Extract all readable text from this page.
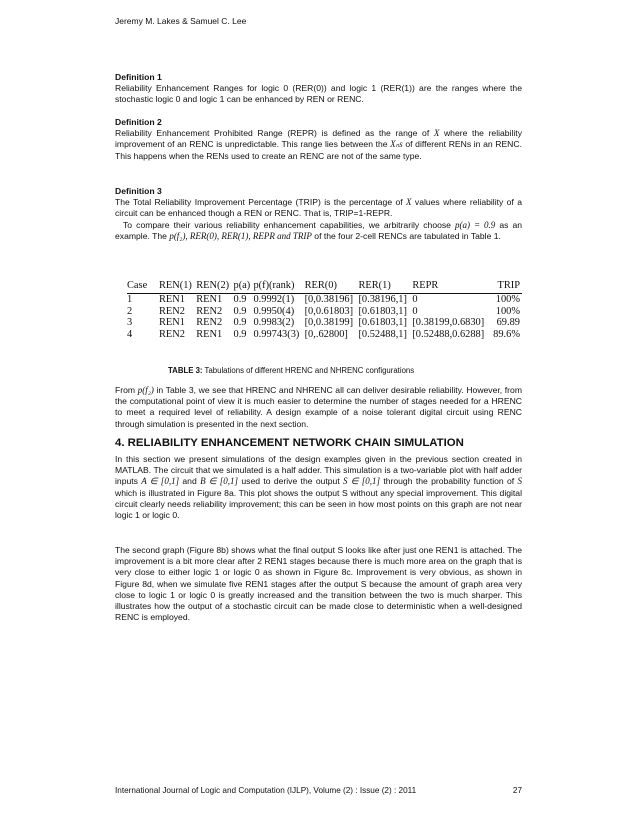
Jeremy M. Lakes & Samuel C. Lee
Definition 1
Reliability Enhancement Ranges for logic 0 (RER(0)) and logic 1 (RER(1)) are the ranges where the stochastic logic 0 and logic 1 can be enhanced by REN or RENC.
Definition 2
Reliability Enhancement Prohibited Range (REPR) is defined as the range of X where the reliability improvement of an RENC is unpredictable. This range lies between the Xₙs of different RENs in an RENC. This happens when the RENs used to create an RENC are not of the same type.
Definition 3
The Total Reliability Improvement Percentage (TRIP) is the percentage of X values where reliability of a circuit can be enhanced though a REN or RENC. That is, TRIP=1-REPR.
To compare their various reliability enhancement capabilities, we arbitrarily choose p(a) = 0.9 as an example. The p(f₂), RER(0), RER(1), REPR and TRIP of the four 2-cell RENCs are tabulated in Table 1.
Case	REN(1)	REN(2)	p(a)	p(f)(rank)	RER(0)	RER(1)	REPR	TRIP
1	REN1	REN1	0.9	0.9992(1)	[0,0.38196]	[0.38196,1]	0	100%
2	REN2	REN2	0.9	0.9950(4)	[0,0.61803]	[0.61803,1]	0	100%
3	REN1	REN2	0.9	0.9983(2)	[0,0.38199]	[0.61803,1]	[0.38199,0.6830]	69.89
4	REN2	REN1	0.9	0.99743(3)	[0,.62800]	[0.52488,1]	[0.52488,0.6288]	89.6%
TABLE 3: Tabulations of different HRENC and NHRENC configurations
From p(f₂) in Table 3, we see that HRENC and NHRENC all can deliver desirable reliability. However, from the computational point of view it is much easier to determine the number of stages needed for a HRENC to meet a required level of reliability. A design example of a noise tolerant digital circuit using RENC through simulation is presented in the next section.
4. RELIABILITY ENHANCEMENT NETWORK CHAIN SIMULATION
In this section we present simulations of the design examples given in the previous section created in MATLAB. The circuit that we simulated is a half adder. This simulation is a two-variable plot with half adder inputs A ∈ [0,1] and B ∈ [0,1] used to derive the output S ∈ [0,1] through the probability function of S which is illustrated in Figure 8a. This plot shows the output S without any special improvement. This digital circuit clearly needs reliability improvement; this can be seen in how most points on this graph are not near logic 1 or logic 0.
The second graph (Figure 8b) shows what the final output S looks like after just one REN1 is attached. The improvement is a bit more clear after 2 REN1 stages because there is much more area on the graph that is very close to either logic 1 or logic 0 as shown in Figure 8c. Improvement is very obvious, as shown in Figure 8d, when we simulate five REN1 stages after the output S because the amount of graph area very close to logic 1 or logic 0 is greatly increased and the transition between the two is much sharper. This illustrates how the output of a stochastic circuit can be made close to deterministic when a well-designed RENC is employed.
International Journal of Logic and Computation (IJLP), Volume (2) : Issue (2) : 2011	27
